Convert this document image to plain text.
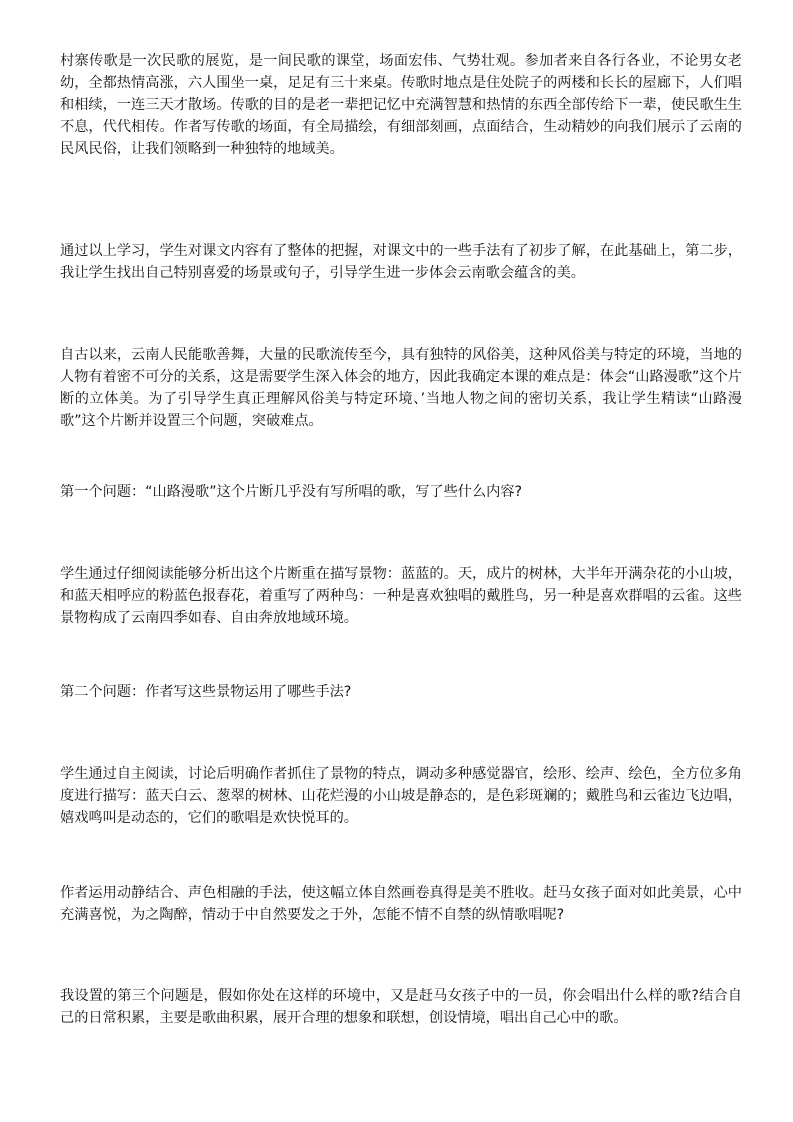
村寨传歌是一次民歌的展览，是一间民歌的课堂，场面宏伟、气势壮观。参加者来自各行各业，不论男女老幼，全都热情高涨，六人围坐一桌，足足有三十来桌。传歌时地点是住处院子的两楼和长长的屋廊下，人们唱和相续，一连三天才散场。传歌的目的是老一辈把记忆中充满智慧和热情的东西全部传给下一辈，使民歌生生不息，代代相传。作者写传歌的场面，有全局描绘，有细部刻画，点面结合，生动精妙的向我们展示了云南的民风民俗，让我们领略到一种独特的地域美。

通过以上学习，学生对课文内容有了整体的把握，对课文中的一些手法有了初步了解，在此基础上，第二步，我让学生找出自己特别喜爱的场景或句子，引导学生进一步体会云南歌会蕴含的美。

自古以来，云南人民能歌善舞，大量的民歌流传至今，具有独特的风俗美，这种风俗美与特定的环境，当地的人物有着密不可分的关系，这是需要学生深入体会的地方，因此我确定本课的难点是：体会“山路漫歌”这个片断的立体美。为了引导学生真正理解风俗美与特定环境、’当地人物之间的密切关系，我让学生精读“山路漫歌”这个片断并设置三个问题，突破难点。

第一个问题：“山路漫歌”这个片断几乎没有写所唱的歌，写了些什么内容?

学生通过仔细阅读能够分析出这个片断重在描写景物：蓝蓝的。天，成片的树林，大半年开满杂花的小山坡，和蓝天相呼应的粉蓝色报春花，着重写了两种鸟：一种是喜欢独唱的戴胜鸟，另一种是喜欢群唱的云雀。这些景物构成了云南四季如春、自由奔放地域环境。

第二个问题：作者写这些景物运用了哪些手法?

学生通过自主阅读，讨论后明确作者抓住了景物的特点，调动多种感觉器官，绘形、绘声、绘色，全方位多角度进行描写：蓝天白云、葱翠的树林、山花烂漫的小山坡是静态的，是色彩斑斓的；戴胜鸟和云雀边飞边唱，嬉戏鸣叫是动态的，它们的歌唱是欢快悦耳的。

作者运用动静结合、声色相融的手法，使这幅立体自然画卷真得是美不胜收。赶马女孩子面对如此美景，心中充满喜悦，为之陶醉，情动于中自然要发之于外，怎能不情不自禁的纵情歌唱呢?

我设置的第三个问题是，假如你处在这样的环境中，又是赶马女孩子中的一员，你会唱出什么样的歌?结合自己的日常积累，主要是歌曲积累，展开合理的想象和联想，创设情境，唱出自己心中的歌。
